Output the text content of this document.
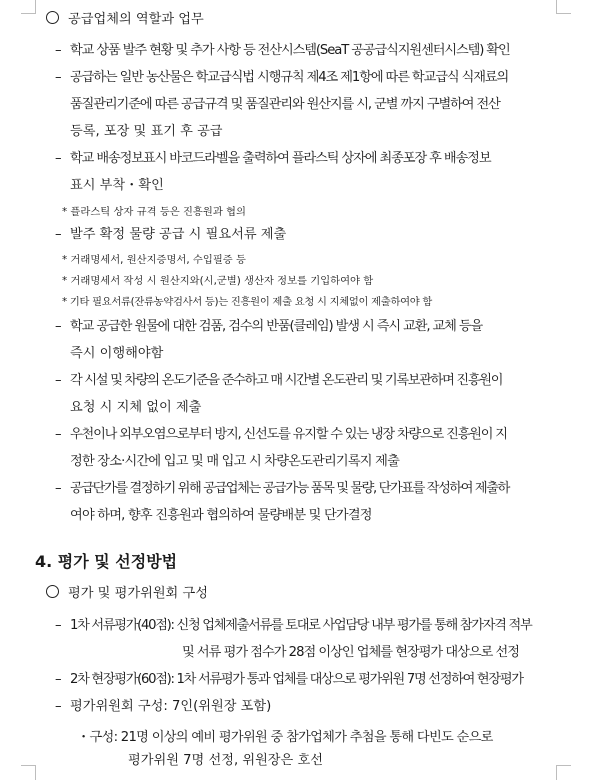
공급업체의 역할과 업무
– 학교 상품 발주 현황 및 추가 사항 등 전산시스템(SeaT 공공급식지원센터시스템) 확인
– 공급하는 일반 농산물은 학교급식법 시행규칙 제4조 제1항에 따른 학교급식 식재료의
품질관리기준에 따른 공급규격 및 품질관리와 원산지를 시, 군별 까지 구별하여 전산
등록, 포장 및 표기 후 공급
– 학교 배송정보표시 바코드라벨을 출력하여 플라스틱 상자에 최종포장 후 배송정보
표시 부착・확인
* 플라스틱 상자 규격 등은 진흥원과 협의
– 발주 확정 물량 공급 시 필요서류 제출
* 거래명세서, 원산지증명서, 수입필증 등
* 거래명세서 작성 시 원산지와(시,군별) 생산자 정보를 기입하여야 함
* 기타 필요서류(잔류농약검사서 등)는 진흥원이 제출 요청 시 지체없이 제출하여야 함
– 학교 공급한 원물에 대한 검품, 검수의 반품(클레임) 발생 시 즉시 교환, 교체 등을
즉시 이행해야함
– 각 시설 및 차량의 온도기준을 준수하고 매 시간별 온도관리 및 기록보관하며 진흥원이
요청 시 지체 없이 제출
– 우천이나 외부오염으로부터 방지, 신선도를 유지할 수 있는 냉장 차량으로 진흥원이 지
정한 장소·시간에 입고 및 매 입고 시 차량온도관리기록지 제출
– 공급단가를 결정하기 위해 공급업체는 공급가능 품목 및 물량, 단가표를 작성하여 제출하
여야 하며, 향후 진흥원과 협의하여 물량배분 및 단가결정
4. 평가 및 선정방법
평가 및 평가위원회 구성
– 1차 서류평가(40점): 신청 업체제출서류를 토대로 사업담당 내부 평가를 통해 참가자격 적부
및 서류 평가 점수가 28점 이상인 업체를 현장평가 대상으로 선정
– 2차 현장평가(60점): 1차 서류평가 통과 업체를 대상으로 평가위원 7명 선정하여 현장평가
– 평가위원회 구성: 7인(위원장 포함)
・구성: 21명 이상의 예비 평가위원 중 참가업체가 추첨을 통해 다빈도 순으로
평가위원 7명 선정, 위원장은 호선
